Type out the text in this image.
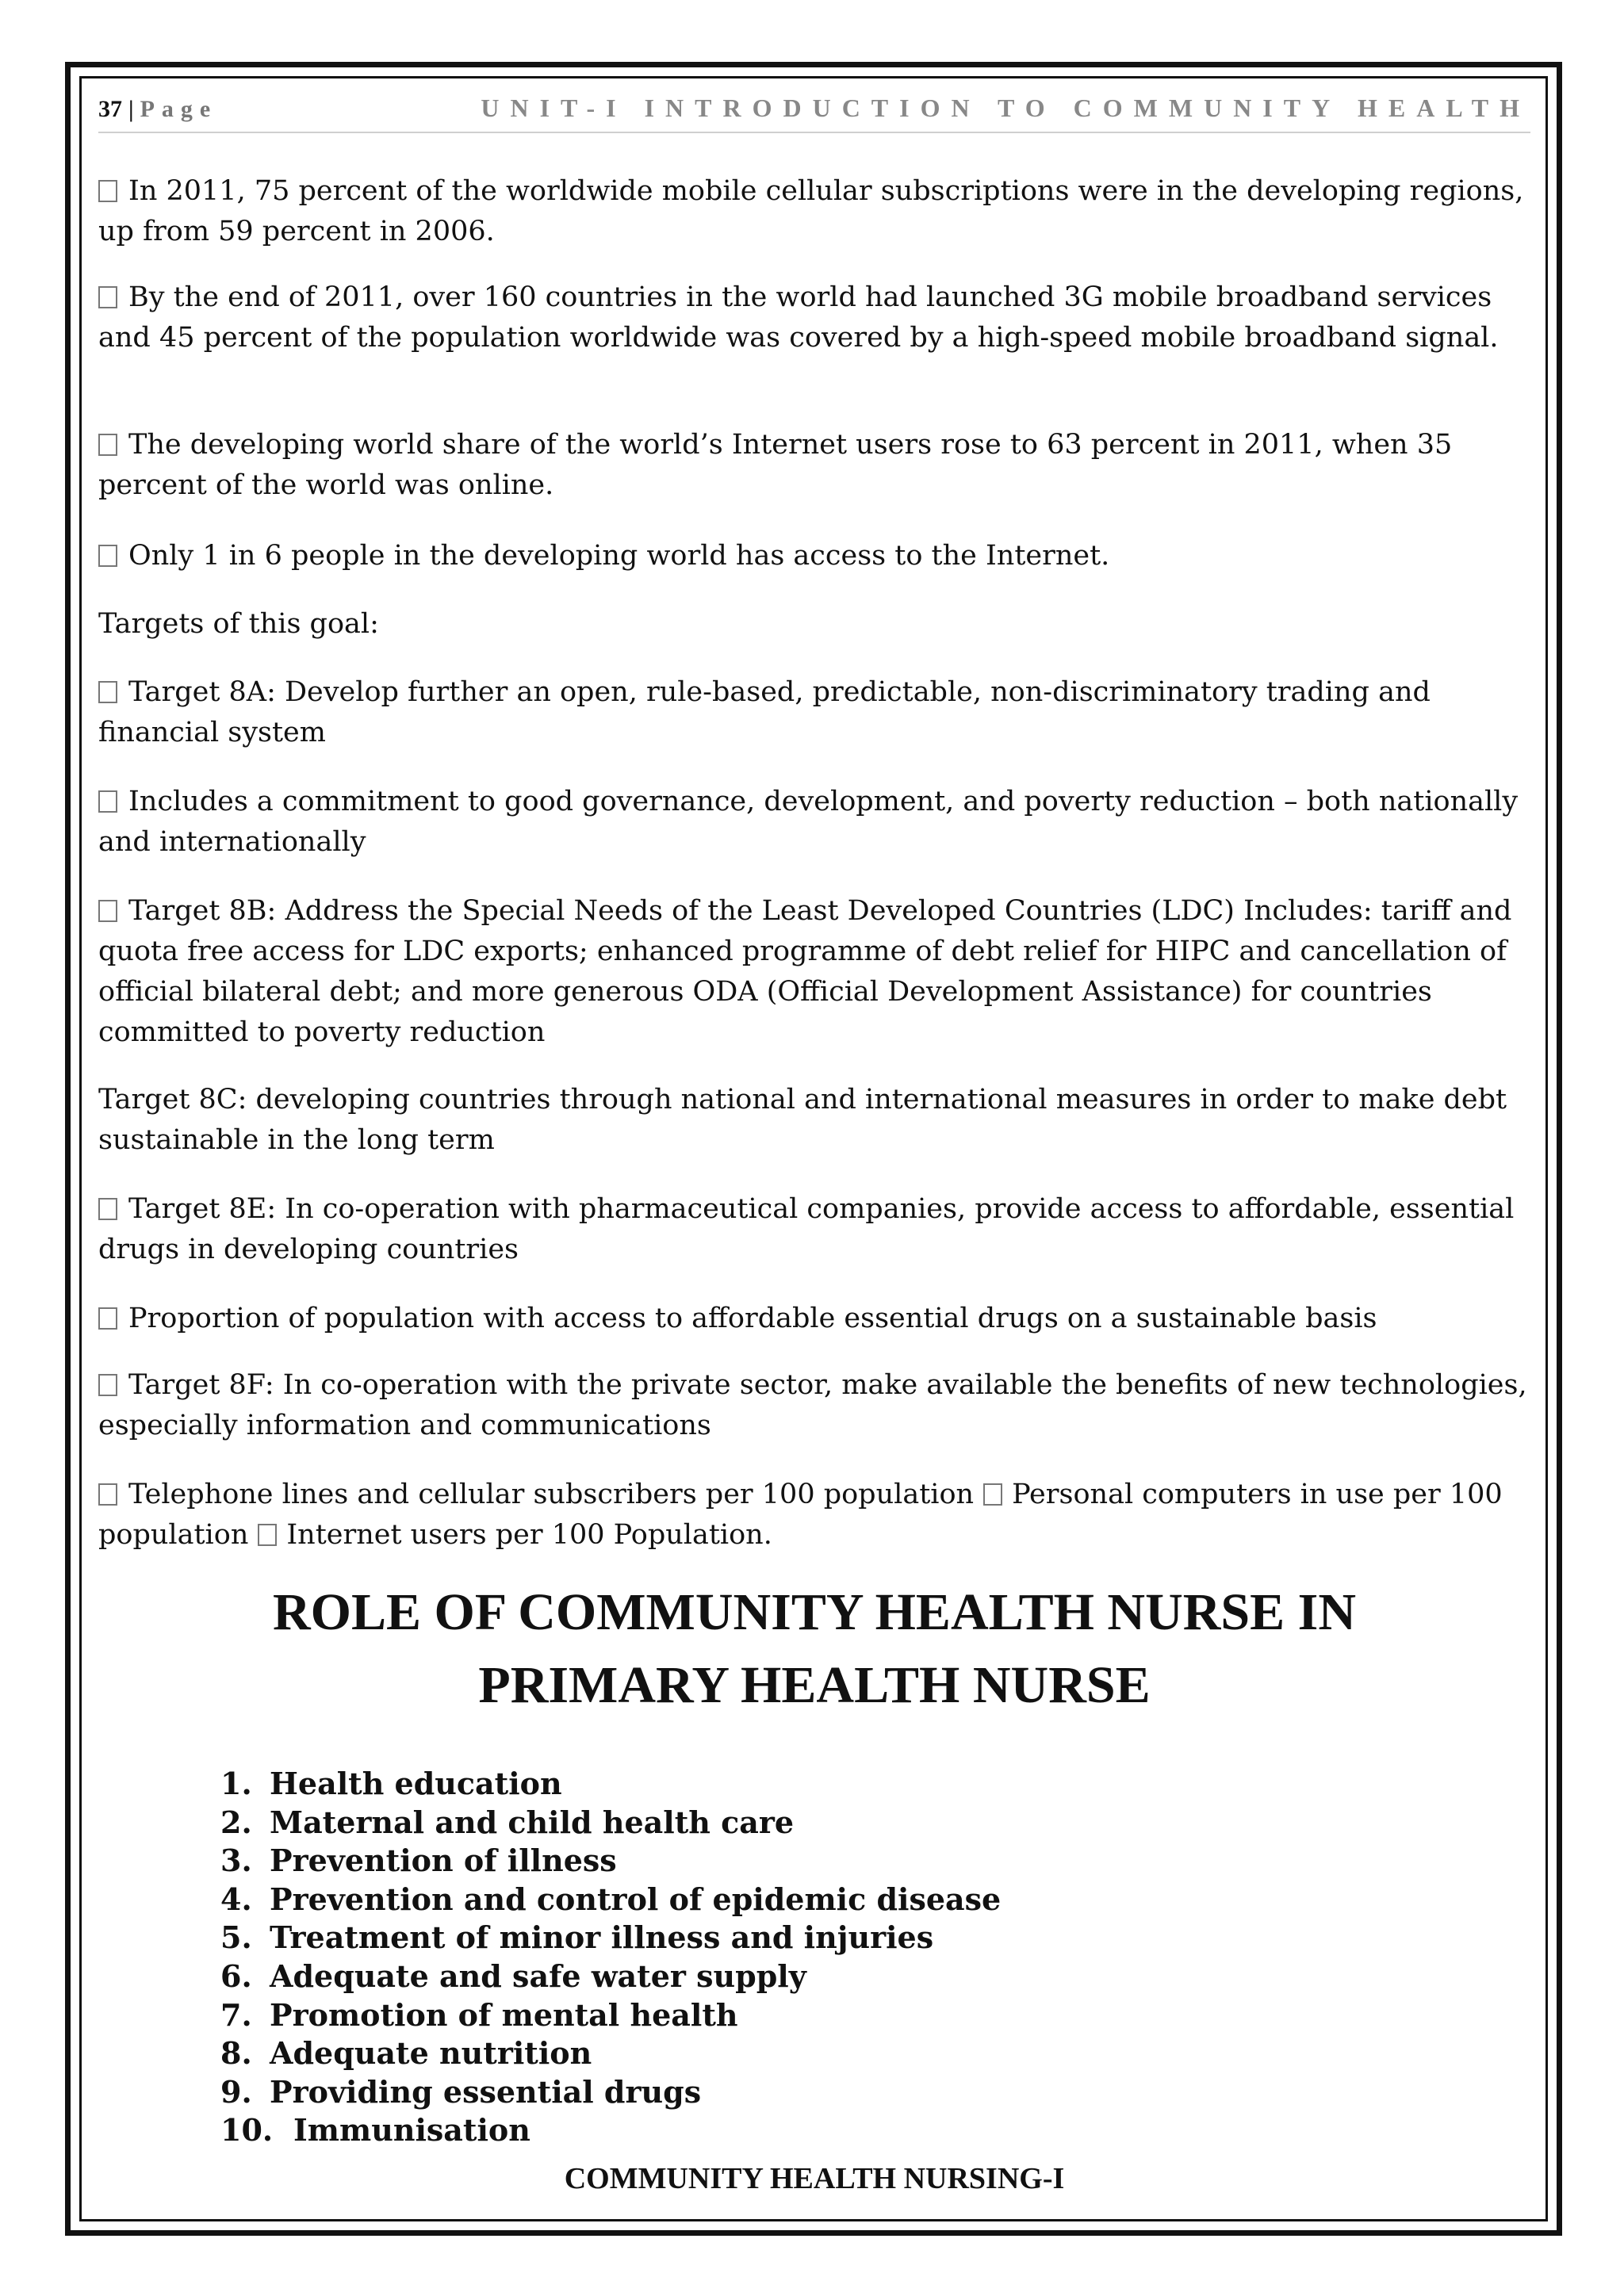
37 | Page	UNIT-I INTRODUCTION TO COMMUNITY HEALTH

In 2011, 75 percent of the worldwide mobile cellular subscriptions were in the developing regions, up from 59 percent in 2006.

By the end of 2011, over 160 countries in the world had launched 3G mobile broadband services and 45 percent of the population worldwide was covered by a high-speed mobile broadband signal.

The developing world share of the world’s Internet users rose to 63 percent in 2011, when 35 percent of the world was online.

Only 1 in 6 people in the developing world has access to the Internet.

Targets of this goal:

Target 8A: Develop further an open, rule-based, predictable, non-discriminatory trading and financial system

Includes a commitment to good governance, development, and poverty reduction – both nationally and internationally

Target 8B: Address the Special Needs of the Least Developed Countries (LDC) Includes: tariff and quota free access for LDC exports; enhanced programme of debt relief for HIPC and cancellation of official bilateral debt; and more generous ODA (Official Development Assistance) for countries committed to poverty reduction

Target 8C: developing countries through national and international measures in order to make debt sustainable in the long term

Target 8E: In co-operation with pharmaceutical companies, provide access to affordable, essential drugs in developing countries

Proportion of population with access to affordable essential drugs on a sustainable basis

Target 8F: In co-operation with the private sector, make available the benefits of new technologies, especially information and communications

Telephone lines and cellular subscribers per 100 population Personal computers in use per 100 population Internet users per 100 Population.

ROLE OF COMMUNITY HEALTH NURSE IN

PRIMARY HEALTH NURSE

1. Health education
2. Maternal and child health care
3. Prevention of illness
4. Prevention and control of epidemic disease
5. Treatment of minor illness and injuries
6. Adequate and safe water supply
7. Promotion of mental health
8. Adequate nutrition
9. Providing essential drugs
10. Immunisation
COMMUNITY HEALTH NURSING-I
